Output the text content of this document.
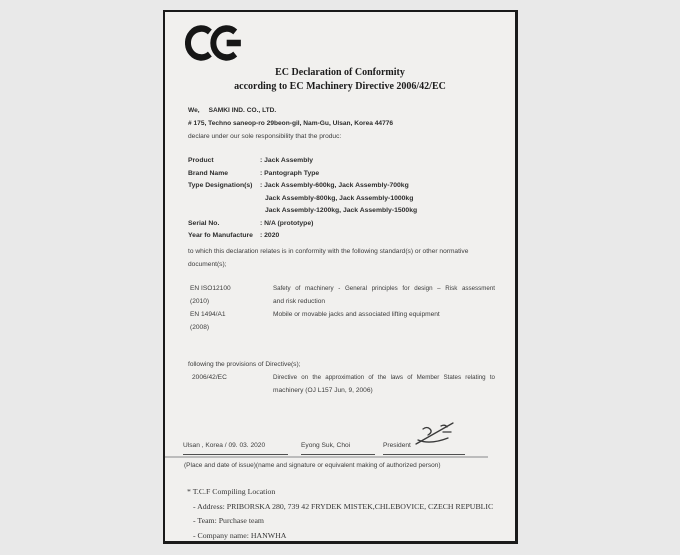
EC Declaration of Conformity
according to EC Machinery Directive 2006/42/EC
We, SAMKI IND. CO., LTD.
# 175, Techno saneop-ro 29beon-gil, Nam-Gu, Ulsan, Korea 44776
declare under our sole responsibility that the produc:
Product	: Jack Assembly
Brand Name	: Pantograph Type
Type Designation(s) : Jack Assembly-600kg, Jack Assembly-700kg
Jack Assembly-800kg, Jack Assembly-1000kg
Jack Assembly-1200kg, Jack Assembly-1500kg
Serial No.	: N/A (prototype)
Year fo Manufacture : 2020
to which this declaration relates is in conformity with the following standard(s) or other normative
document(s);
EN ISO12100	Safety of machinery - General principles for design – Risk assessment
(2010)	and risk reduction
EN 1494/A1	Mobile or movable jacks and associated lifting equipment
(2008)
following the provisions of Directive(s);
2006/42/EC	Directive on the approximation of the laws of Member States relating to
machinery (OJ L157 Jun, 9, 2006)
Ulsan , Korea / 09. 03. 2020	Eyong Suk, Choi	President
(Place and date of issue)(name and signature or equivalent making of authorized person)
* T.C.F Compiling Location
- Address: PRIBORSKA 280, 739 42 FRYDEK MISTEK,CHLEBOVICE, CZECH REPUBLIC
- Team: Purchase team
- Company name: HANWHA
